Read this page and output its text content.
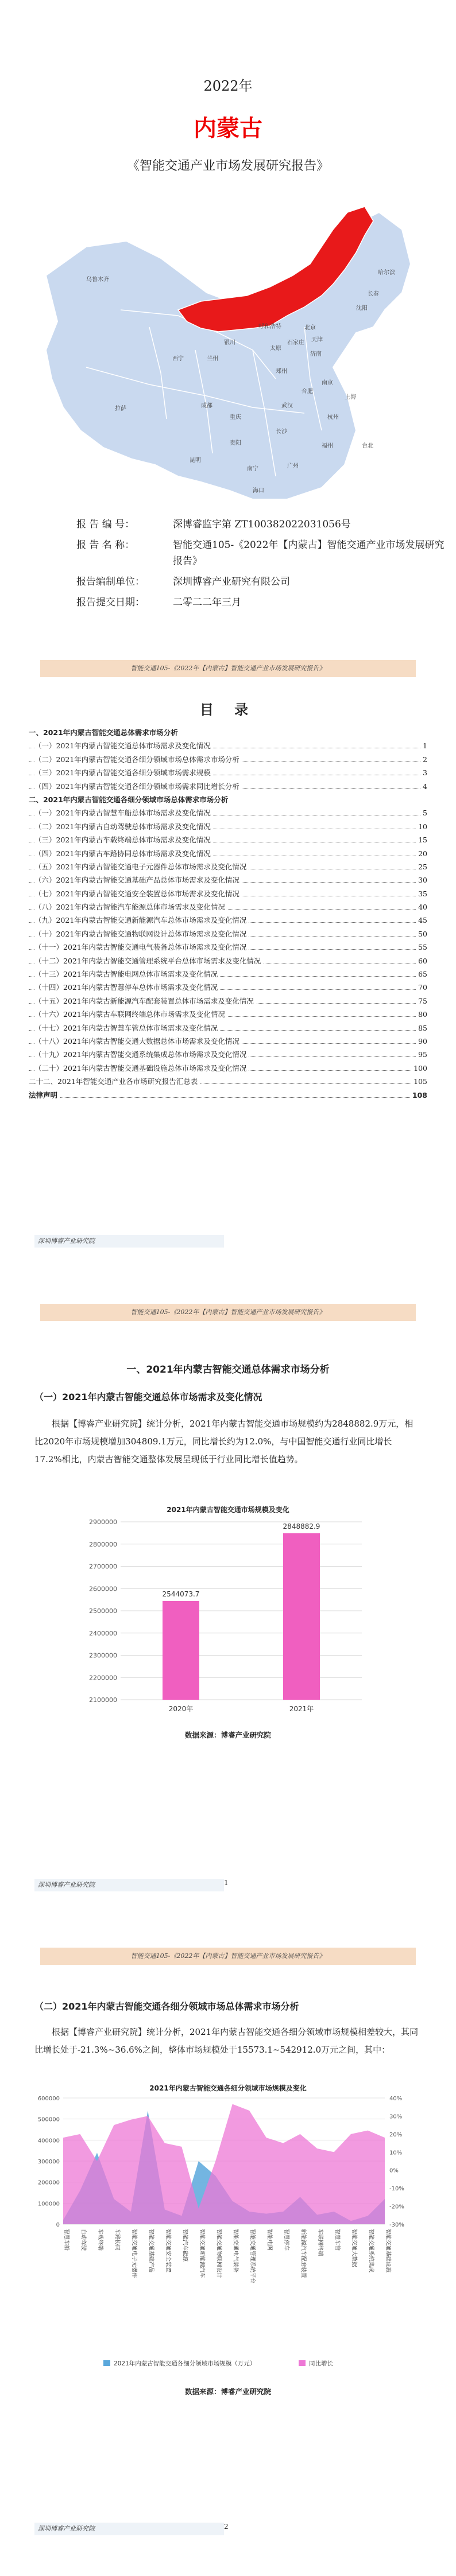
2022年
内蒙古
《智能交通产业市场发展研究报告》
哈尔滨
长春
乌鲁木齐
北京
天津
呼和浩特
银川
太原
济南
兰州
西宁
郑州
南京
合肥
上海
拉萨	武汉
成都
杭州
重庆
长沙
贵阳	福州	台北
昆明
南宁	广州
海口
沈阳
石家庄
报 告 编 号：	深博睿监字第 ZT100382022031056号
报 告 名 称：	智能交通105-《2022年【内蒙古】智能交通产业市场发展研究报告》
报告编制单位：	深圳博睿产业研究有限公司
报告提交日期：	二零二二年三月
智能交通105-《2022年【内蒙古】智能交通产业市场发展研究报告》
目 录
一、2021年内蒙古智能交通总体需求市场分析
（一）2021年内蒙古智能交通总体市场需求及变化情况	1
（二）2021年内蒙古智能交通各细分领域市场总体需求市场分析	2
（三）2021年内蒙古智能交通各细分领域市场需求规模	3
（四）2021年内蒙古智能交通各细分领域市场需求同比增长分析	4
二、2021年内蒙古智能交通各细分领域市场总体需求市场分析
（一）2021年内蒙古智慧车船总体市场需求及变化情况	5
（二）2021年内蒙古自动驾驶总体市场需求及变化情况	10
（三）2021年内蒙古车载终端总体市场需求及变化情况	15
（四）2021年内蒙古车路协同总体市场需求及变化情况	20
（五）2021年内蒙古智能交通电子元器件总体市场需求及变化情况	25
（六）2021年内蒙古智能交通基础产品总体市场需求及变化情况	30
（七）2021年内蒙古智能交通安全装置总体市场需求及变化情况	35
（八）2021年内蒙古智能汽车能源总体市场需求及变化情况	40
（九）2021年内蒙古智能交通新能源汽车总体市场需求及变化情况	45
（十）2021年内蒙古智能交通物联网设计总体市场需求及变化情况	50
（十一）2021年内蒙古智能交通电气装备总体市场需求及变化情况	55
（十二）2021年内蒙古智能交通管理系统平台总体市场需求及变化情况	60
（十三）2021年内蒙古智能电网总体市场需求及变化情况	65
（十四）2021年内蒙古智慧停车总体市场需求及变化情况	70
（十五）2021年内蒙古新能源汽车配套装置总体市场需求及变化情况	75
（十六）2021年内蒙古车联网终端总体市场需求及变化情况	80
（十七）2021年内蒙古智慧车管总体市场需求及变化情况	85
（十八）2021年内蒙古智能交通大数据总体市场需求及变化情况	90
（十九）2021年内蒙古智能交通系统集成总体市场需求及变化情况	95
（二十）2021年内蒙古智能交通基础设施总体市场需求及变化情况	100
二十二、2021年智能交通产业各市场研究报告汇总表	105
法律声明	108
深圳博睿产业研究院
智能交通105-《2022年【内蒙古】智能交通产业市场发展研究报告》
一、2021年内蒙古智能交通总体需求市场分析
（一）2021年内蒙古智能交通总体市场需求及变化情况
根据【博睿产业研究院】统计分析，2021年内蒙古智能交通市场规模约为2848882.9万元，相比2020年市场规模增加304809.1万元，同比增长约为12.0%，与中国智能交通行业同比增长17.2%相比，内蒙古智能交通整体发展呈现低于行业同比增长值趋势。
2021年内蒙古智能交通市场规模及变化
2900000
2800000
2700000
2600000
2500000
2400000
2300000
2200000
2100000
2544073.7
2020年
2848882.9
2021年
数据来源：博睿产业研究院
深圳博睿产业研究院	1
智能交通105-《2022年【内蒙古】智能交通产业市场发展研究报告》
（二）2021年内蒙古智能交通各细分领域市场总体需求市场分析
根据【博睿产业研究院】统计分析，2021年内蒙古智能交通各细分领域市场规模相差较大，其同比增长处于-21.3%~36.6%之间，整体市场规模处于15573.1~542912.0万元之间，其中：
2021年内蒙古智能交通各细分领域市场规模及变化
600000
500000
400000
300000
200000
100000
0
40%
30%
20%
10%
0%
-10%
-20%
-30%
智慧车船 自动驾驶 车载终端 车路协同 智能交通电子元器件 智能交通基础产品 智能交通安全装置 智能汽车能源 智能交通新能源汽车 智能交通物联网设计 智能交通电气装备 智能交通管理系统平台 智能电网 智慧停车 新能源汽车配套装置 车联网终端 智慧车管 智能交通大数据 智能交通系统集成 智能交通基础设施
2021年内蒙古智能交通各细分领域市场规模（万元）	同比增长
数据来源：博睿产业研究院
深圳博睿产业研究院	2
